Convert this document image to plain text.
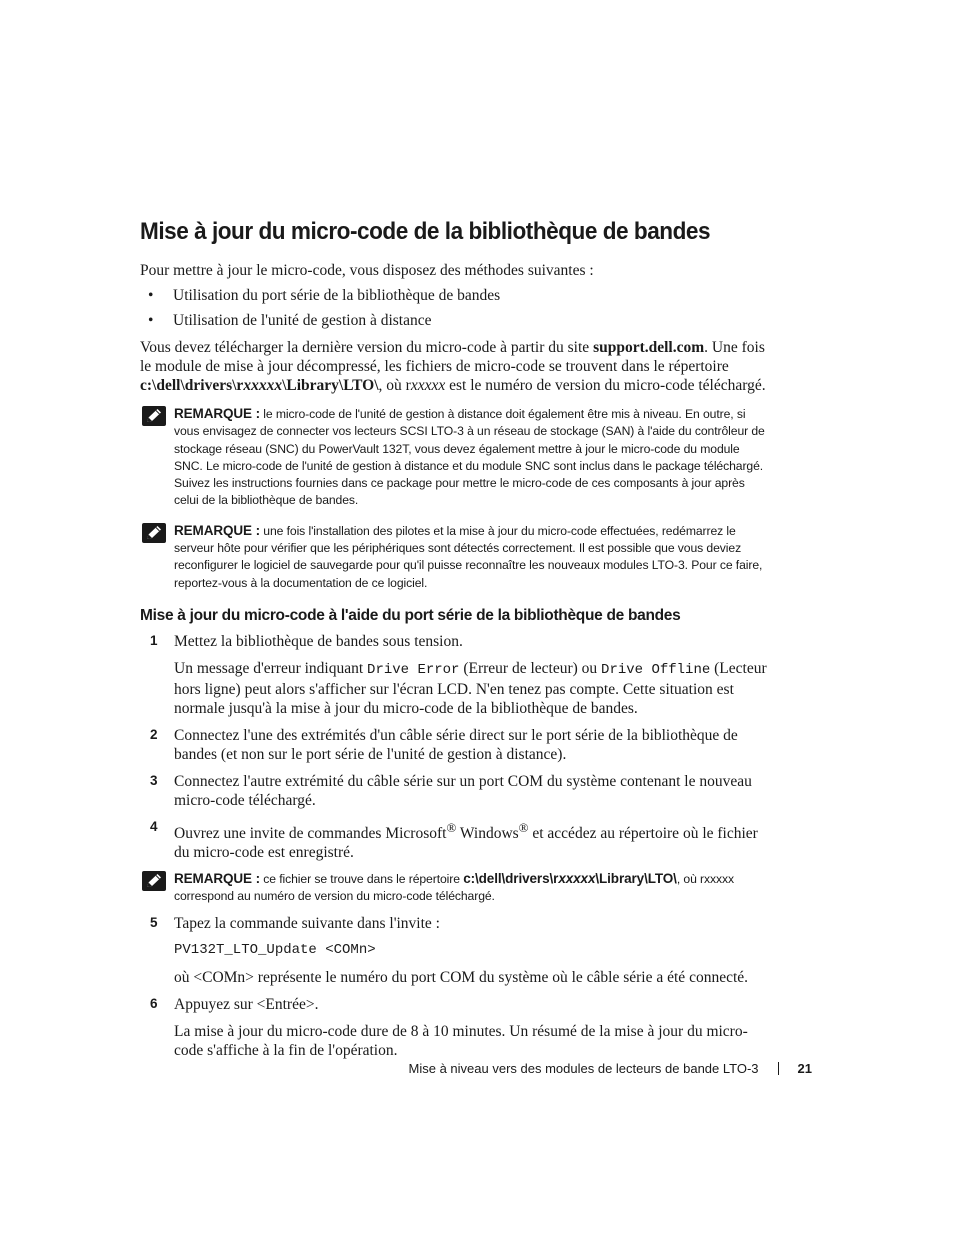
Mise à jour du micro-code de la bibliothèque de bandes

Pour mettre à jour le micro-code, vous disposez des méthodes suivantes :

• Utilisation du port série de la bibliothèque de bandes
• Utilisation de l'unité de gestion à distance

Vous devez télécharger la dernière version du micro-code à partir du site support.dell.com. Une fois le module de mise à jour décompressé, les fichiers de micro-code se trouvent dans le répertoire c:\dell\drivers\rxxxxx\Library\LTO\, où rxxxxx est le numéro de version du micro-code téléchargé.

REMARQUE : le micro-code de l'unité de gestion à distance doit également être mis à niveau. En outre, si vous envisagez de connecter vos lecteurs SCSI LTO-3 à un réseau de stockage (SAN) à l'aide du contrôleur de stockage réseau (SNC) du PowerVault 132T, vous devez également mettre à jour le micro-code du module SNC. Le micro-code de l'unité de gestion à distance et du module SNC sont inclus dans le package téléchargé. Suivez les instructions fournies dans ce package pour mettre le micro-code de ces composants à jour après celui de la bibliothèque de bandes.
REMARQUE : une fois l'installation des pilotes et la mise à jour du micro-code effectuées, redémarrez le serveur hôte pour vérifier que les périphériques sont détectés correctement. Il est possible que vous deviez reconfigurer le logiciel de sauvegarde pour qu'il puisse reconnaître les nouveaux modules LTO-3. Pour ce faire, reportez-vous à la documentation de ce logiciel.
Mise à jour du micro-code à l'aide du port série de la bibliothèque de bandes
1 Mettez la bibliothèque de bandes sous tension.

Un message d'erreur indiquant Drive Error (Erreur de lecteur) ou Drive Offline (Lecteur hors ligne) peut alors s'afficher sur l'écran LCD. N'en tenez pas compte. Cette situation est normale jusqu'à la mise à jour du micro-code de la bibliothèque de bandes.

2 Connectez l'une des extrémités d'un câble série direct sur le port série de la bibliothèque de bandes (et non sur le port série de l'unité de gestion à distance).

3 Connectez l'autre extrémité du câble série sur un port COM du système contenant le nouveau micro-code téléchargé.

4 Ouvrez une invite de commandes Microsoft® Windows® et accédez au répertoire où le fichier du micro-code est enregistré.

REMARQUE : ce fichier se trouve dans le répertoire c:\dell\drivers\rxxxxx\Library\LTO\, où rxxxxx correspond au numéro de version du micro-code téléchargé.
5 Tapez la commande suivante dans l'invite :

PV132T_LTO_Update <COMn>

où <COMn> représente le numéro du port COM du système où le câble série a été connecté.

6 Appuyez sur <Entrée>.

La mise à jour du micro-code dure de 8 à 10 minutes. Un résumé de la mise à jour du micro-code s'affiche à la fin de l'opération.

Mise à niveau vers des modules de lecteurs de bande LTO-3	21
